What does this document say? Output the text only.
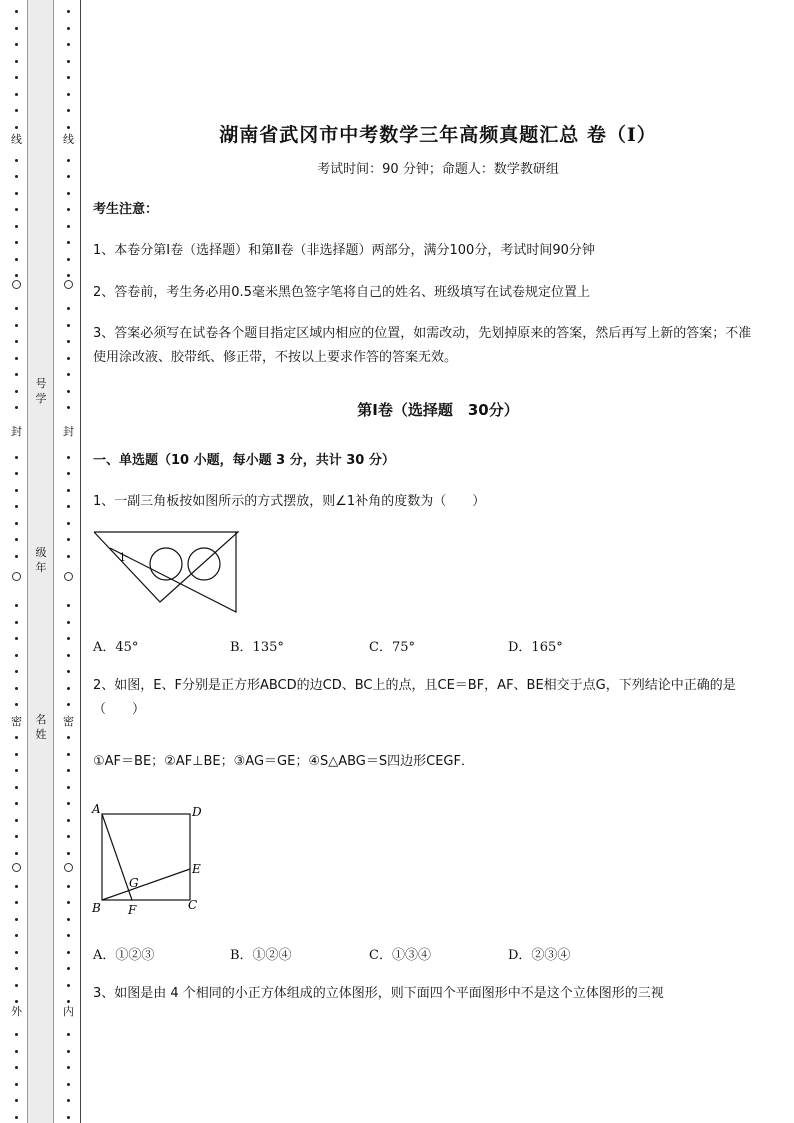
线
封
密
外
线
封
密
内
号学
级年
名姓
湖南省武冈市中考数学三年高频真题汇总 卷（Ⅰ）
考试时间：90 分钟；命题人：数学教研组
考生注意：
1、本卷分第Ⅰ卷（选择题）和第Ⅱ卷（非选择题）两部分，满分100分，考试时间90分钟
2、答卷前，考生务必用0.5毫米黑色签字笔将自己的姓名、班级填写在试卷规定位置上
3、答案必须写在试卷各个题目指定区域内相应的位置，如需改动，先划掉原来的答案，然后再写上新的答案；不准使用涂改液、胶带纸、修正带，不按以上要求作答的答案无效。
第Ⅰ卷（选择题　30分）
一、单选题（10 小题，每小题 3 分，共计 30 分）
1、一副三角板按如图所示的方式摆放，则∠1补角的度数为（　　）
1
A．45°	B．135°	C．75°	D．165°
2、如图，E、F分别是正方形ABCD的边CD、BC上的点，且CE＝BF，AF、BE相交于点G，下列结论中正确的是（　　）
①AF＝BE；②AF⊥BE；③AG＝GE；④S△ABG＝S四边形CEGF．
A	D
E
G
B F	C
A．①②③	B．①②④	C．①③④	D．②③④
3、如图是由 4 个相同的小正方体组成的立体图形，则下面四个平面图形中不是这个立体图形的三视
